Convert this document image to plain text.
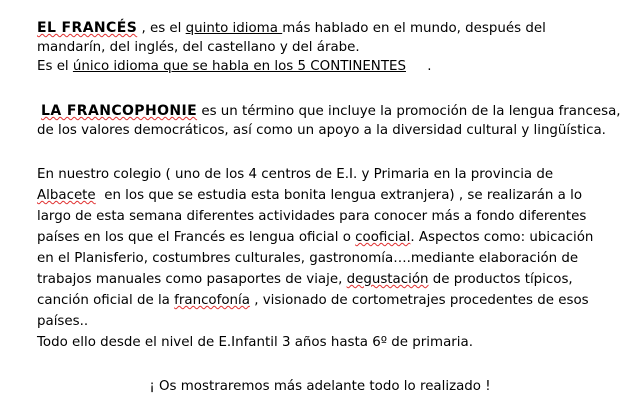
EL FRANCÉS , es el quinto idioma más hablado en el mundo, después del
mandarín, del inglés, del castellano y del árabe.
Es el único idioma que se habla en los 5 CONTINENTES     .
LA FRANCOPHONIE es un término que incluye la promoción de la lengua francesa,
de los valores democráticos, así como un apoyo a la diversidad cultural y lingüística.
En nuestro colegio ( uno de los 4 centros de E.I. y Primaria en la provincia de
Albacete  en los que se estudia esta bonita lengua extranjera) , se realizarán a lo
largo de esta semana diferentes actividades para conocer más a fondo diferentes
países en los que el Francés es lengua oficial o cooficial. Aspectos como: ubicación
en el Planisferio, costumbres culturales, gastronomía….mediante elaboración de
trabajos manuales como pasaportes de viaje, degustación de productos típicos,
canción oficial de la francofonía , visionado de cortometrajes procedentes de esos
países..
Todo ello desde el nivel de E.Infantil 3 años hasta 6º de primaria.
¡ Os mostraremos más adelante todo lo realizado !
